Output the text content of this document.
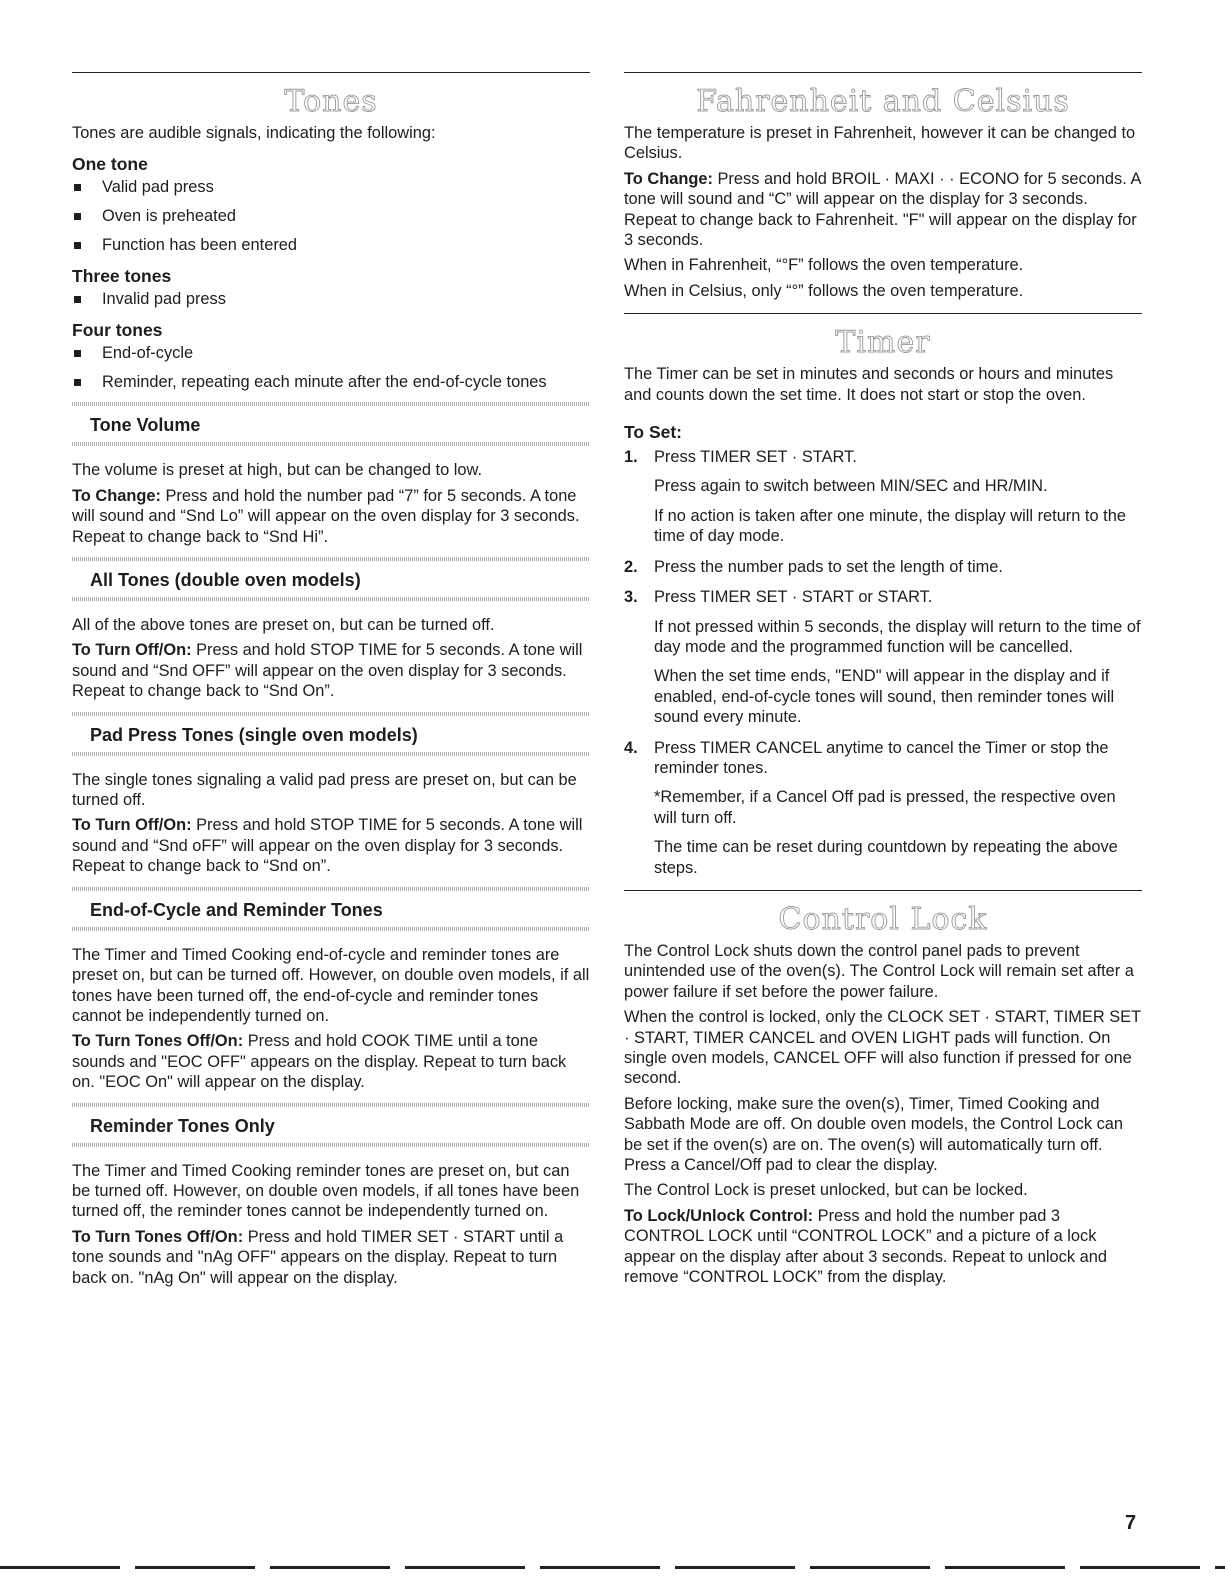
Tones

Tones are audible signals, indicating the following:

One tone
Valid pad press
Oven is preheated
Function has been entered
Three tones
Invalid pad press
Four tones
End-of-cycle
Reminder, repeating each minute after the end-of-cycle tones
Tone Volume

The volume is preset at high, but can be changed to low.

To Change: Press and hold the number pad “7” for 5 seconds. A tone will sound and “Snd Lo” will appear on the oven display for 3 seconds. Repeat to change back to “Snd Hi”.

All Tones (double oven models)

All of the above tones are preset on, but can be turned off.

To Turn Off/On: Press and hold STOP TIME for 5 seconds. A tone will sound and “Snd OFF” will appear on the oven display for 3 seconds. Repeat to change back to “Snd On”.

Pad Press Tones (single oven models)

The single tones signaling a valid pad press are preset on, but can be turned off.

To Turn Off/On: Press and hold STOP TIME for 5 seconds. A tone will sound and “Snd oFF” will appear on the oven display for 3 seconds. Repeat to change back to “Snd on”.

End-of-Cycle and Reminder Tones

The Timer and Timed Cooking end-of-cycle and reminder tones are preset on, but can be turned off. However, on double oven models, if all tones have been turned off, the end-of-cycle and reminder tones cannot be independently turned on.

To Turn Tones Off/On: Press and hold COOK TIME until a tone sounds and "EOC OFF" appears on the display. Repeat to turn back on. "EOC On" will appear on the display.

Reminder Tones Only

The Timer and Timed Cooking reminder tones are preset on, but can be turned off. However, on double oven models, if all tones have been turned off, the reminder tones cannot be independently turned on.

To Turn Tones Off/On: Press and hold TIMER SET · START until a tone sounds and "nAg OFF" appears on the display. Repeat to turn back on. "nAg On" will appear on the display.

Fahrenheit and Celsius

The temperature is preset in Fahrenheit, however it can be changed to Celsius.

To Change: Press and hold BROIL · MAXI · · ECONO for 5 seconds. A tone will sound and “C” will appear on the display for 3 seconds. Repeat to change back to Fahrenheit. "F" will appear on the display for 3 seconds.

When in Fahrenheit, “°F” follows the oven temperature.

When in Celsius, only “°” follows the oven temperature.

Timer

The Timer can be set in minutes and seconds or hours and minutes and counts down the set time. It does not start or stop the oven.

To Set:
1. Press TIMER SET · START.

Press again to switch between MIN/SEC and HR/MIN.

If no action is taken after one minute, the display will return to the time of day mode.

2. Press the number pads to set the length of time.

3. Press TIMER SET · START or START.

If not pressed within 5 seconds, the display will return to the time of day mode and the programmed function will be cancelled.

When the set time ends, "END" will appear in the display and if enabled, end-of-cycle tones will sound, then reminder tones will sound every minute.

4. Press TIMER CANCEL anytime to cancel the Timer or stop the reminder tones.

*Remember, if a Cancel Off pad is pressed, the respective oven will turn off.

The time can be reset during countdown by repeating the above steps.

Control Lock

The Control Lock shuts down the control panel pads to prevent unintended use of the oven(s). The Control Lock will remain set after a power failure if set before the power failure.

When the control is locked, only the CLOCK SET · START, TIMER SET · START, TIMER CANCEL and OVEN LIGHT pads will function. On single oven models, CANCEL OFF will also function if pressed for one second.

Before locking, make sure the oven(s), Timer, Timed Cooking and Sabbath Mode are off. On double oven models, the Control Lock can be set if the oven(s) are on. The oven(s) will automatically turn off. Press a Cancel/Off pad to clear the display.

The Control Lock is preset unlocked, but can be locked.

To Lock/Unlock Control: Press and hold the number pad 3 CONTROL LOCK until “CONTROL LOCK” and a picture of a lock appear on the display after about 3 seconds. Repeat to unlock and remove “CONTROL LOCK” from the display.

7
